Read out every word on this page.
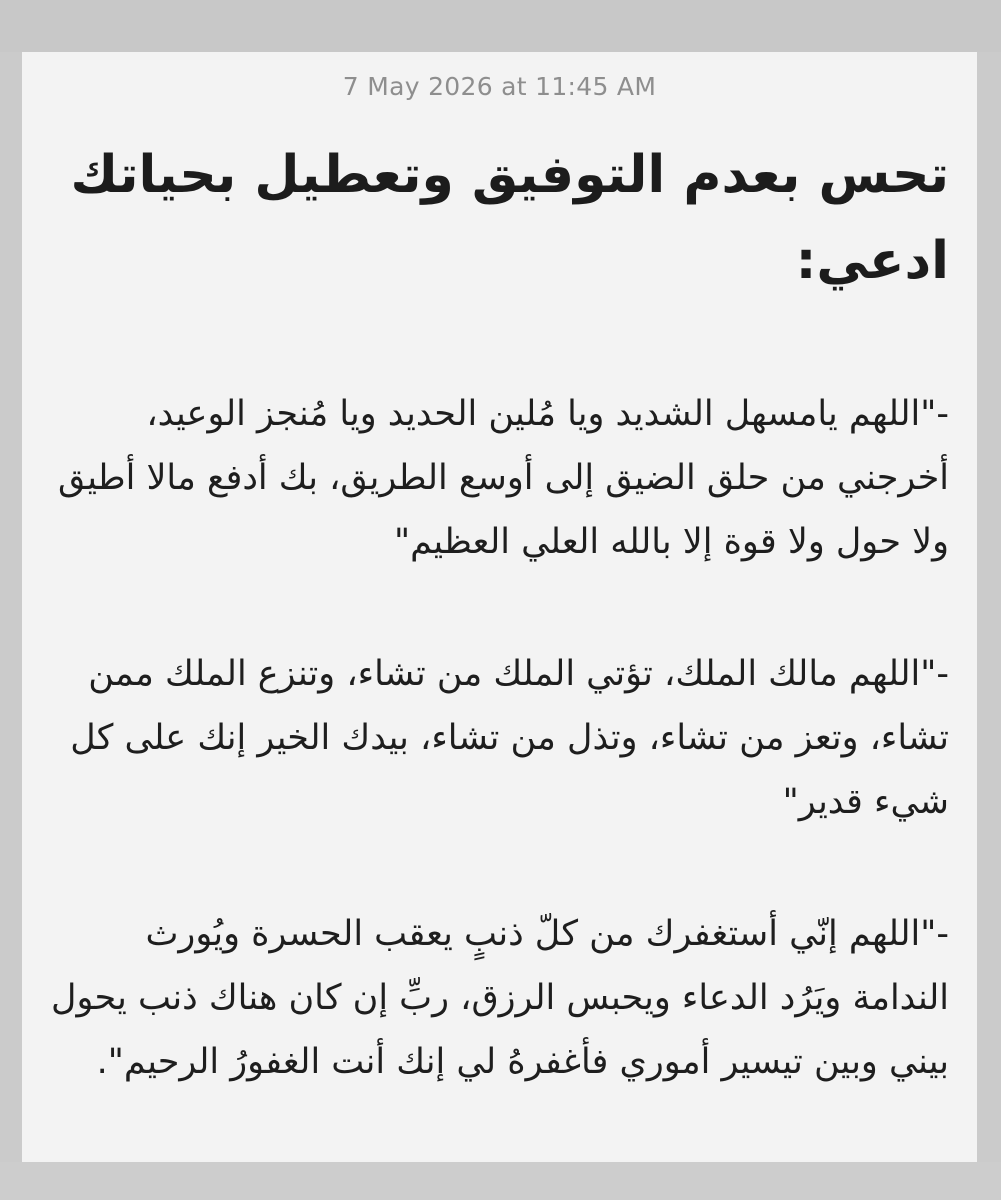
7 May 2026 at 11:45 AM
تحس بعدم التوفيق وتعطيل بحياتك ادعي:

-"اللهم يامسهل الشديد ويا مُلين الحديد ويا مُنجز الوعيد، أخرجني من حلق الضيق إلى أوسع الطريق، بك أدفع مالا أطيق ولا حول ولا قوة إلا بالله العلي العظيم"

-"اللهم مالك الملك، تؤتي الملك من تشاء، وتنزع الملك ممن تشاء، وتعز من تشاء، وتذل من تشاء، بيدك الخير إنك على كل شيء قدير"

-"اللهم إنّي أستغفرك من كلّ ذنبٍ يعقب الحسرة ويُورث الندامة ويَرُد الدعاء ويحبس الرزق، ربِّ إن كان هناك ذنب يحول بيني وبين تيسير أموري فأغفرهُ لي إنك أنت الغفورُ الرحيم".
